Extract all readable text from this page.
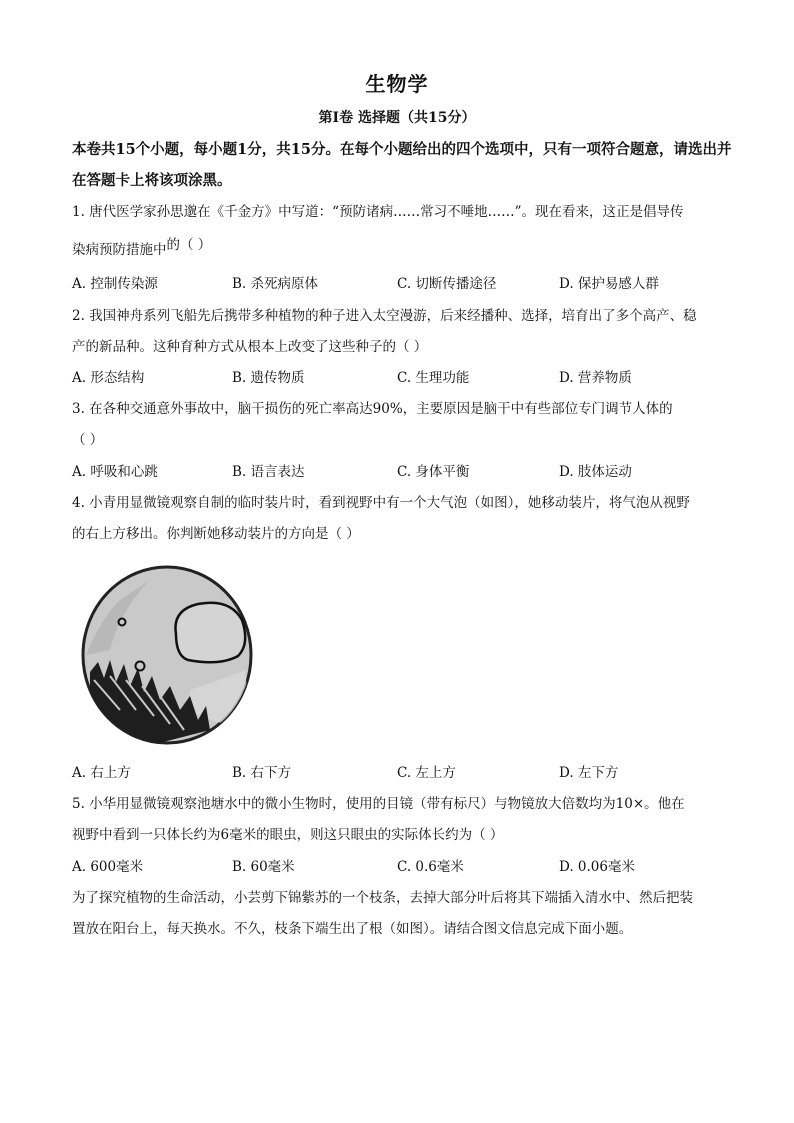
生物学
第Ⅰ卷 选择题（共15分）
本卷共15个小题，每小题1分，共15分。在每个小题给出的四个选项中，只有一项符合题意，请选出并在答题卡上将该项涂黑。
1. 唐代医学家孙思邈在《千金方》中写道：“预防诸病……常习不唾地……”。现在看来，这正是倡导传
染病预防措施中的（ ）
A. 控制传染源	B. 杀死病原体	C. 切断传播途径	D. 保护易感人群
2. 我国神舟系列飞船先后携带多种植物的种子进入太空漫游，后来经播种、选择，培育出了多个高产、稳
产的新品种。这种育种方式从根本上改变了这些种子的（ ）
A. 形态结构	B. 遗传物质	C. 生理功能	D. 营养物质
3. 在各种交通意外事故中，脑干损伤的死亡率高达90%，主要原因是脑干中有些部位专门调节人体的
（ ）
A. 呼吸和心跳	B. 语言表达	C. 身体平衡	D. 肢体运动
4. 小青用显微镜观察自制的临时装片时，看到视野中有一个大气泡（如图），她移动装片，将气泡从视野
的右上方移出。你判断她移动装片的方向是（ ）
A. 右上方	B. 右下方	C. 左上方	D. 左下方
5. 小华用显微镜观察池塘水中的微小生物时，使用的目镜（带有标尺）与物镜放大倍数均为10×。他在
视野中看到一只体长约为6毫米的眼虫，则这只眼虫的实际体长约为（ ）
A. 600毫米	B. 60毫米	C. 0.6毫米	D. 0.06毫米
为了探究植物的生命活动，小芸剪下锦紫苏的一个枝条，去掉大部分叶后将其下端插入清水中、然后把装
置放在阳台上，每天换水。不久，枝条下端生出了根（如图）。请结合图文信息完成下面小题。
